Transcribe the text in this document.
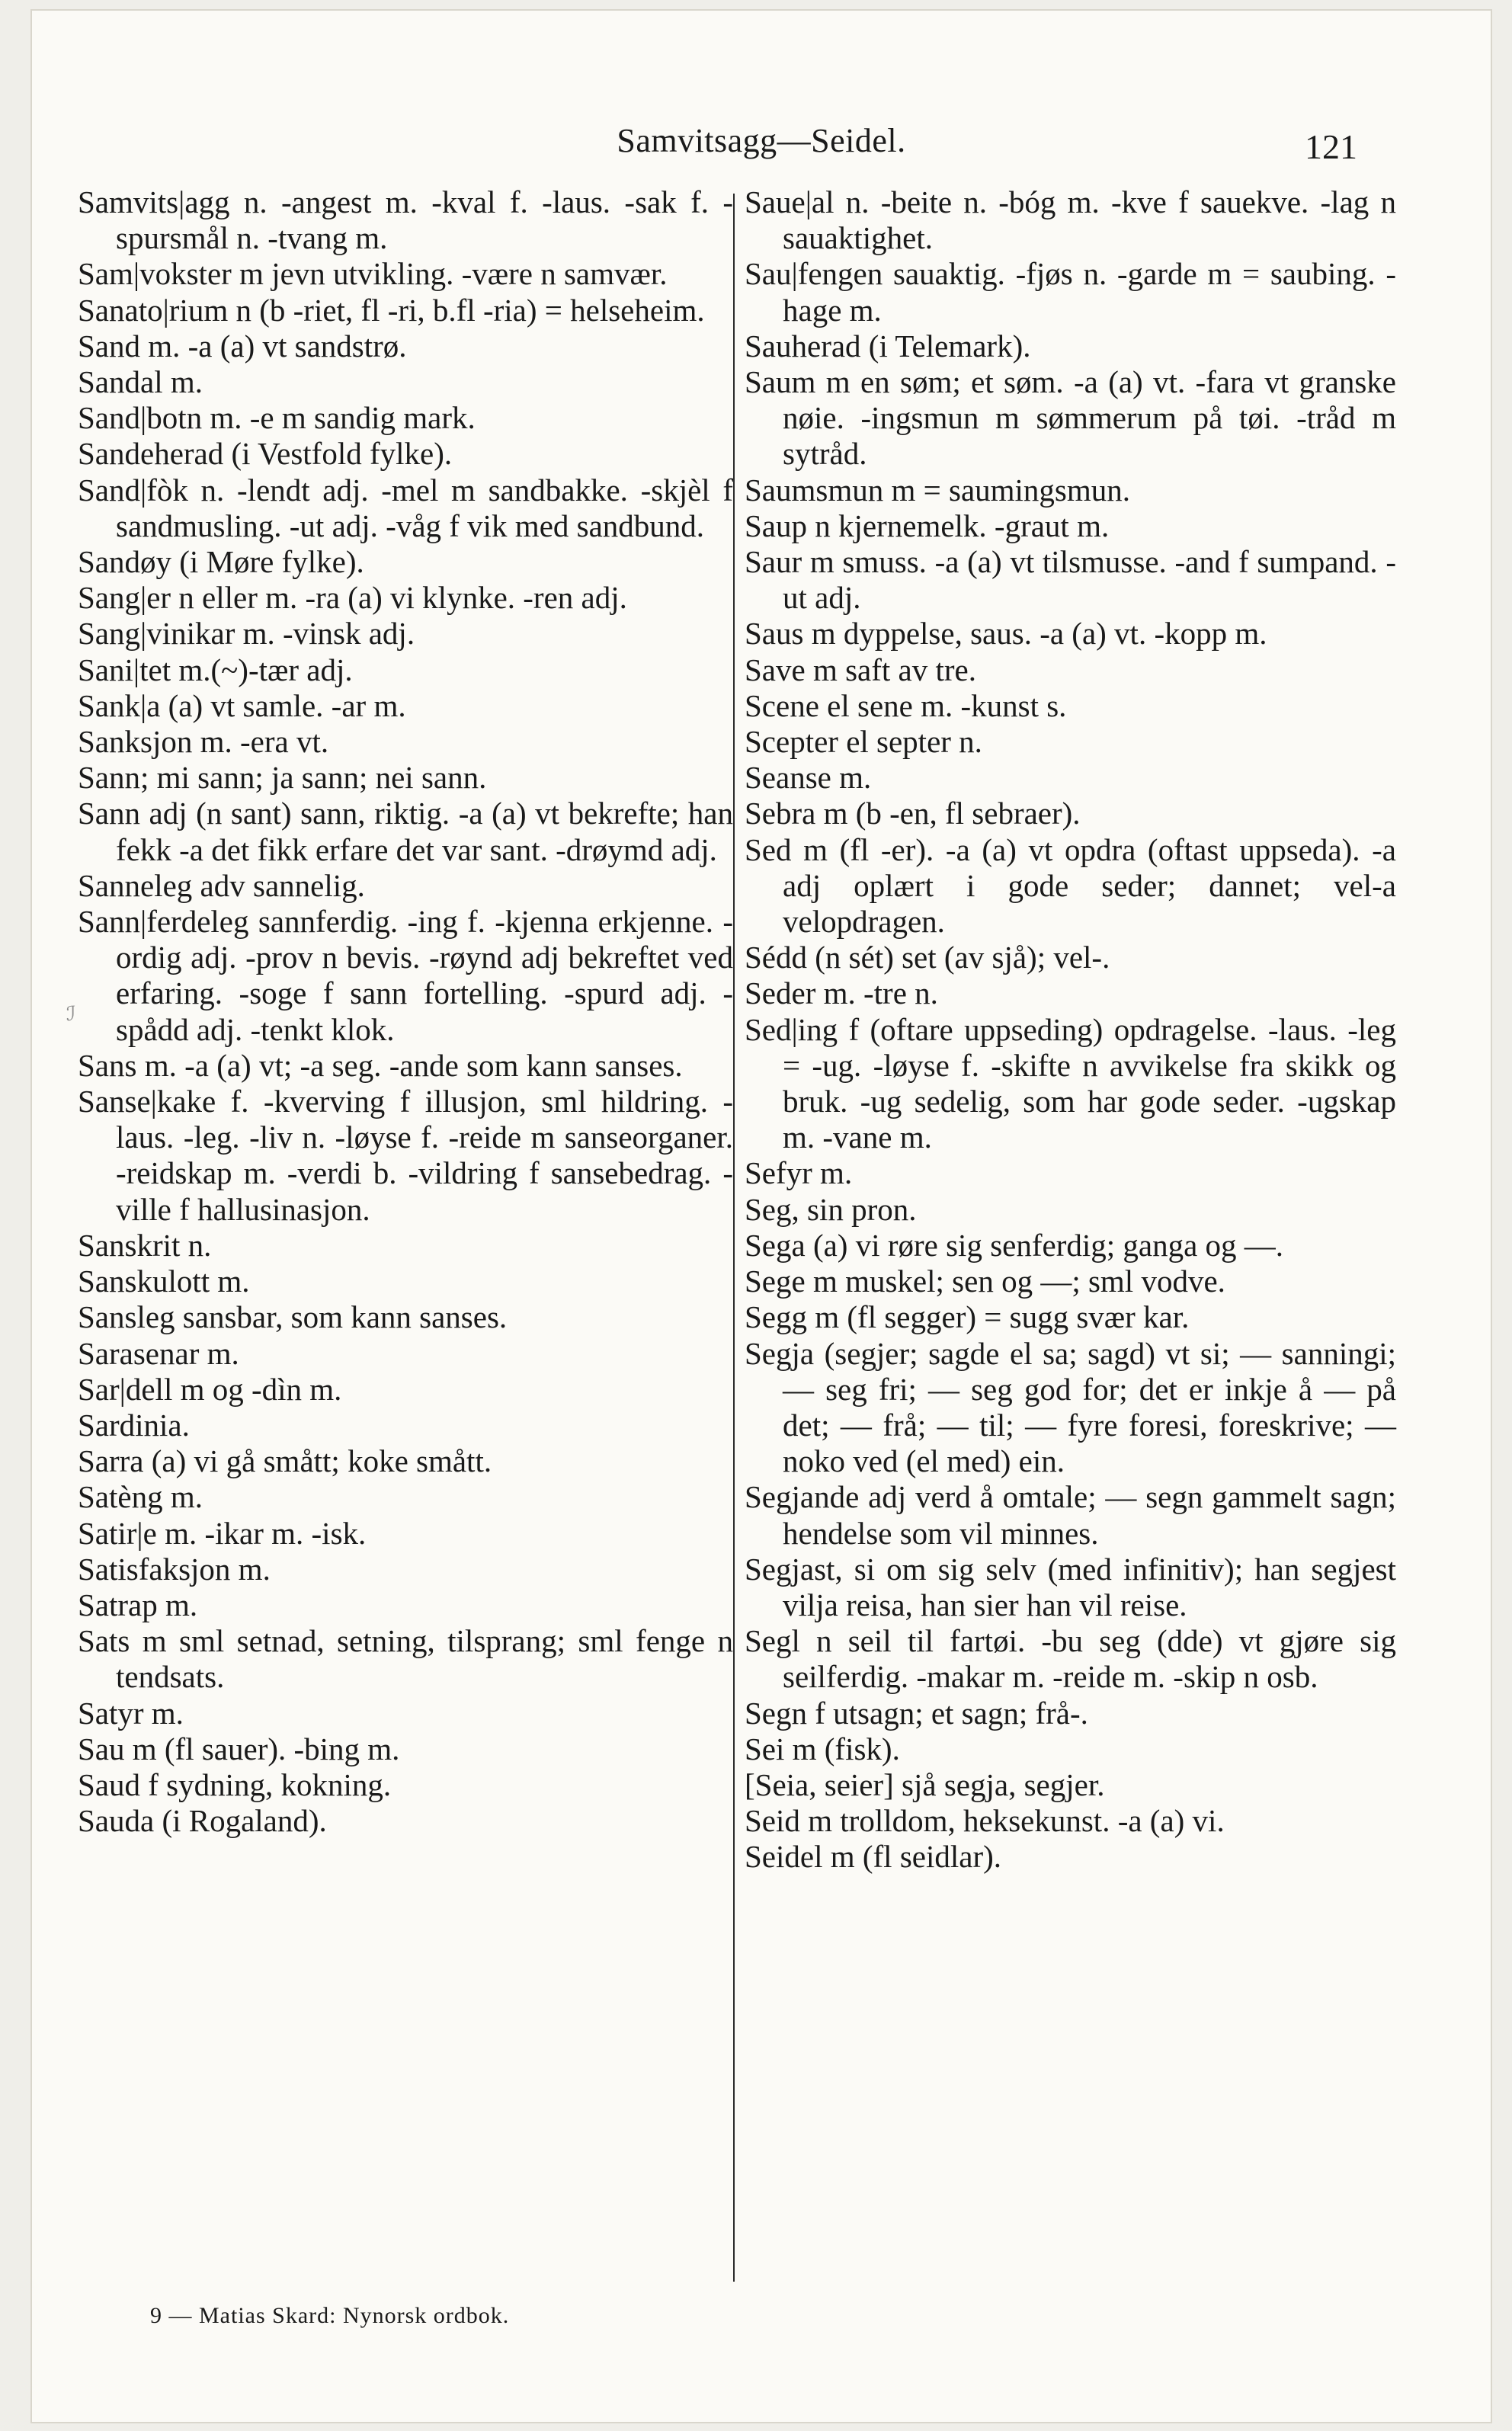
Samvitsagg—Seidel.	121

Samvits|agg n. -angest m. -kval f. -laus. -sak f. -spursmål n. -tvang m.

Sam|vokster m jevn utvikling. -være n samvær.

Sanato|rium n (b -riet, fl -ri, b.fl -ria) = helseheim.

Sand m. -a (a) vt sandstrø.

Sandal m.

Sand|botn m. -e m sandig mark.

Sandeherad (i Vestfold fylke).

Sand|fòk n. -lendt adj. -mel m sandbakke. -skjèl f sandmusling. -ut adj. -våg f vik med sandbund.

Sandøy (i Møre fylke).

Sang|er n eller m. -ra (a) vi klynke. -ren adj.

Sang|vinikar m. -vinsk adj.

Sani|tet m.(~)-tær adj.

Sank|a (a) vt samle. -ar m.

Sanksjon m. -era vt.

Sann; mi sann; ja sann; nei sann.

Sann adj (n sant) sann, riktig. -a (a) vt bekrefte; han fekk -a det fikk erfare det var sant. -drøymd adj.

Sanneleg adv sannelig.

Sann|ferdeleg sannferdig. -ing f. -kjenna erkjenne. -ordig adj. -prov n bevis. -røynd adj bekreftet ved erfaring. -soge f sann fortelling. -spurd adj. -spådd adj. -tenkt klok.

Sans m. -a (a) vt; -a seg. -ande som kann sanses.

Sanse|kake f. -kverving f illusjon, sml hildring. -laus. -leg. -liv n. -løyse f. -reide m sanseorganer. -reidskap m. -verdi b. -vildring f sansebedrag. -ville f hallusinasjon.

Sanskrit n.

Sanskulott m.

Sansleg sansbar, som kann sanses.

Sarasenar m.

Sar|dell m og -dìn m.

Sardinia.

Sarra (a) vi gå smått; koke smått.

Satèng m.

Satir|e m. -ikar m. -isk.

Satisfaksjon m.

Satrap m.

Sats m sml setnad, setning, tilsprang; sml fenge n tendsats.

Satyr m.

Sau m (fl sauer). -bing m.

Saud f sydning, kokning.

Sauda (i Rogaland).

Saue|al n. -beite n. -bóg m. -kve f sauekve. -lag n sauaktighet.

Sau|fengen sauaktig. -fjøs n. -garde m = saubing. -hage m.

Sauherad (i Telemark).

Saum m en søm; et søm. -a (a) vt. -fara vt granske nøie. -ingsmun m sømmerum på tøi. -tråd m sytråd.

Saumsmun m = saumingsmun.

Saup n kjernemelk. -graut m.

Saur m smuss. -a (a) vt tilsmusse. -and f sumpand. -ut adj.

Saus m dyppelse, saus. -a (a) vt. -kopp m.

Save m saft av tre.

Scene el sene m. -kunst s.

Scepter el septer n.

Seanse m.

Sebra m (b -en, fl sebraer).

Sed m (fl -er). -a (a) vt opdra (oftast uppseda). -a adj oplært i gode seder; dannet; vel-a velopdragen.

Sédd (n sét) set (av sjå); vel-.

Seder m. -tre n.

Sed|ing f (oftare uppseding) opdragelse. -laus. -leg = -ug. -løyse f. -skifte n avvikelse fra skikk og bruk. -ug sedelig, som har gode seder. -ugskap m. -vane m.

Sefyr m.

Seg, sin pron.

Sega (a) vi røre sig senferdig; ganga og —.

Sege m muskel; sen og —; sml vodve.

Segg m (fl segger) = sugg svær kar.

Segja (segjer; sagde el sa; sagd) vt si; — sanningi; — seg fri; — seg god for; det er inkje å — på det; — frå; — til; — fyre foresi, foreskrive; — noko ved (el med) ein.

Segjande adj verd å omtale; — segn gammelt sagn; hendelse som vil minnes.

Segjast, si om sig selv (med infinitiv); han segjest vilja reisa, han sier han vil reise.

Segl n seil til fartøi. -bu seg (dde) vt gjøre sig seilferdig. -makar m. -reide m. -skip n osb.

Segn f utsagn; et sagn; frå-.

Sei m (fisk).

[Seia, seier] sjå segja, segjer.

Seid m trolldom, heksekunst. -a (a) vi.

Seidel m (fl seidlar).

ℐ
9 — Matias Skard: Nynorsk ordbok.
